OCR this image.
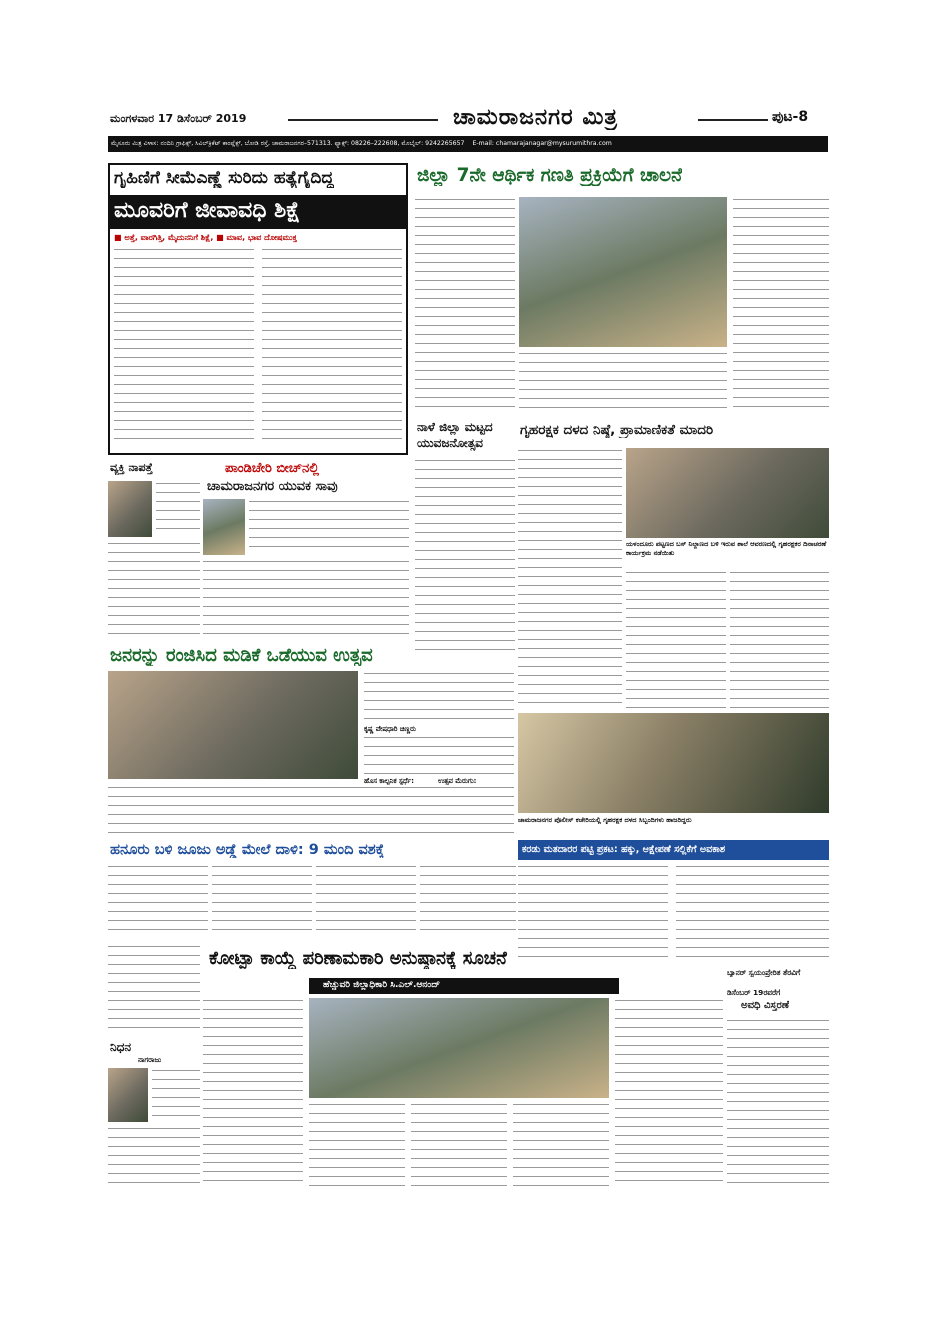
ಮಂಗಳವಾರ 17 ಡಿಸೆಂಬರ್ 2019	ಚಾಮರಾಜನಗರ ಮಿತ್ರ	ಪುಟ-8
ಮೈಸೂರು ಮಿತ್ರ ವಿಳಾಸ: ನಂದಿನಿ ಗ್ರಾಫಿಕ್ಸ್, ಸಿವಿಲ್‌ಕ್ರಿಕೆಟ್ ಕಾಂಪ್ಲೆಕ್ಸ್, ಬೋಡಿ ರಸ್ತೆ, ಚಾಮರಾಜನಗರ–571313. ಫ್ಯಾಕ್ಸ್: 08226–222608, ಮೊಬೈಲ್: 9242265657 E-mail: chamarajanagar@mysurumithra.com
ಗೃಹಿಣಿಗೆ ಸೀಮೆಎಣ್ಣೆ ಸುರಿದು ಹತ್ಯೆಗೈದಿದ್ದ
ಮೂವರಿಗೆ ಜೀವಾವಧಿ ಶಿಕ್ಷೆ
■ ಅತ್ತೆ, ವಾರಗಿತ್ತಿ, ಮೈದುನನಿಗೆ ಶಿಕ್ಷೆ, ■ ಮಾವ, ಭಾವ ದೋಷಮುಕ್ತ
ಜಿಲ್ಲಾ 7ನೇ ಆರ್ಥಿಕ ಗಣತಿ ಪ್ರಕ್ರಿಯೆಗೆ ಚಾಲನೆ
ನಾಳೆ ಜಿಲ್ಲಾ ಮಟ್ಟದ
ಯುವಜನೋತ್ಸವ
ಗೃಹರಕ್ಷಕ ದಳದ ನಿಷ್ಠೆ, ಪ್ರಾಮಾಣಿಕತೆ ಮಾದರಿ
ಯಳಂದೂರು ಪಟ್ಟಣದ ಬಸ್ ನಿಲ್ದಾಣದ ಬಳಿ ಇರುವ ಶಾಲೆ ಆವರಣದಲ್ಲಿ ಗೃಹರಕ್ಷಕರ ದಿನಾಚರಣೆ ಕಾರ್ಯಕ್ರಮ ನಡೆಯಿತು
ಚಾಮರಾಜನಗರ ಪೊಲೀಸ್ ಕಚೇರಿಯಲ್ಲಿ ಗೃಹರಕ್ಷಕ ದಳದ ಸಿಬ್ಬಂದಿಗಳು ಹಾಜರಿದ್ದರು
ವ್ಯಕ್ತಿ ನಾಪತ್ತೆ	ಪಾಂಡಿಚೇರಿ ಬೀಚ್‌ನಲ್ಲಿ
ಚಾಮರಾಜನಗರ ಯುವಕ ಸಾವು
ಜನರನ್ನು ರಂಜಿಸಿದ ಮಡಿಕೆ ಒಡೆಯುವ ಉತ್ಸವ
ಕೃಷ್ಣ ವೇಷಧಾರಿ ಚಿಣ್ಣರು
ಹೊಸ ಕಾಲ್ಪನಿಕ ಸ್ಪರ್ಧೆ:	ಉತ್ಸವ ಮೆರುಗು:
ಕರಡು ಮತದಾರರ ಪಟ್ಟಿ ಪ್ರಕಟ: ಹಕ್ಕು, ಆಕ್ಷೇಪಣೆ ಸಲ್ಲಿಕೆಗೆ ಅವಕಾಶ
ಹನೂರು ಬಳಿ ಜೂಜು ಅಡ್ಡೆ ಮೇಲೆ ದಾಳಿ: 9 ಮಂದಿ ವಶಕ್ಕೆ
ನಿಧನ
ನಾಗರಾಜು
ಕೋಟ್ಪಾ ಕಾಯ್ದೆ ಪರಿಣಾಮಕಾರಿ ಅನುಷ್ಠಾನಕ್ಕೆ ಸೂಚನೆ
ಹೆಚ್ಚುವರಿ ಜಿಲ್ಲಾಧಿಕಾರಿ ಸಿ.ಎಲ್.ಆನಂದ್
ಬ್ಯಾನರ್ ಸ್ವಯಂಪ್ರೇರಿತ ತೆರವಿಗೆ
ಡಿಸೆಂಬರ್ 19ರವರೆಗೆ
ಅವಧಿ ವಿಸ್ತರಣೆ
